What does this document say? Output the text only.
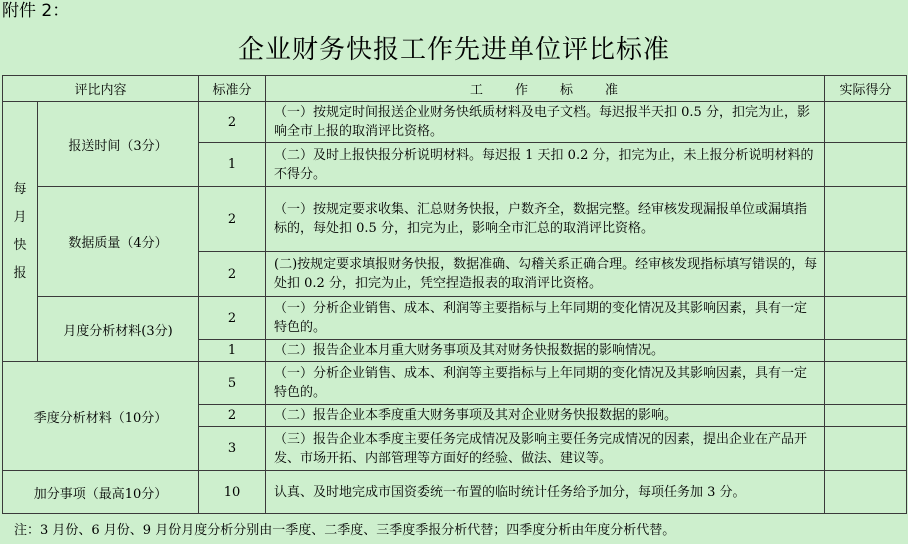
附件 2：
企业财务快报工作先进单位评比标准
评比内容		标准分	工　　作　　标　　准	实际得分

每
月
快
报	报送时间（3分）	2	（一）按规定时间报送企业财务快纸质材料及电子文档。每迟报半天扣 0.5 分，扣完为止，影响全市上报的取消评比资格。	
		1	（二）及时上报快报分析说明材料。每迟报 1 天扣 0.2 分，扣完为止，未上报分析说明材料的不得分。	
	数据质量（4分）	2	（一）按规定要求收集、汇总财务快报，户数齐全，数据完整。经审核发现漏报单位或漏填指标的，每处扣 0.5 分，扣完为止，影响全市汇总的取消评比资格。	
		2	(二)按规定要求填报财务快报，数据准确、勾稽关系正确合理。经审核发现指标填写错误的，每处扣 0.2 分，扣完为止，凭空捏造报表的取消评比资格。	
	月度分析材料(3分)	2	（一）分析企业销售、成本、利润等主要指标与上年同期的变化情况及其影响因素，具有一定特色的。	
		1	（二）报告企业本月重大财务事项及其对财务快报数据的影响情况。	
季度分析材料（10分）		5	（一）分析企业销售、成本、利润等主要指标与上年同期的变化情况及其影响因素，具有一定特色的。	
		2	（二）报告企业本季度重大财务事项及其对企业财务快报数据的影响。	
		3	（三）报告企业本季度主要任务完成情况及影响主要任务完成情况的因素，提出企业在产品开发、市场开拓、内部管理等方面好的经验、做法、建议等。	
加分事项（最高10分）		10	认真、及时地完成市国资委统一布置的临时统计任务给予加分，每项任务加 3 分。	
注：3 月份、6 月份、9 月份月度分析分别由一季度、二季度、三季度季报分析代替；四季度分析由年度分析代替。
